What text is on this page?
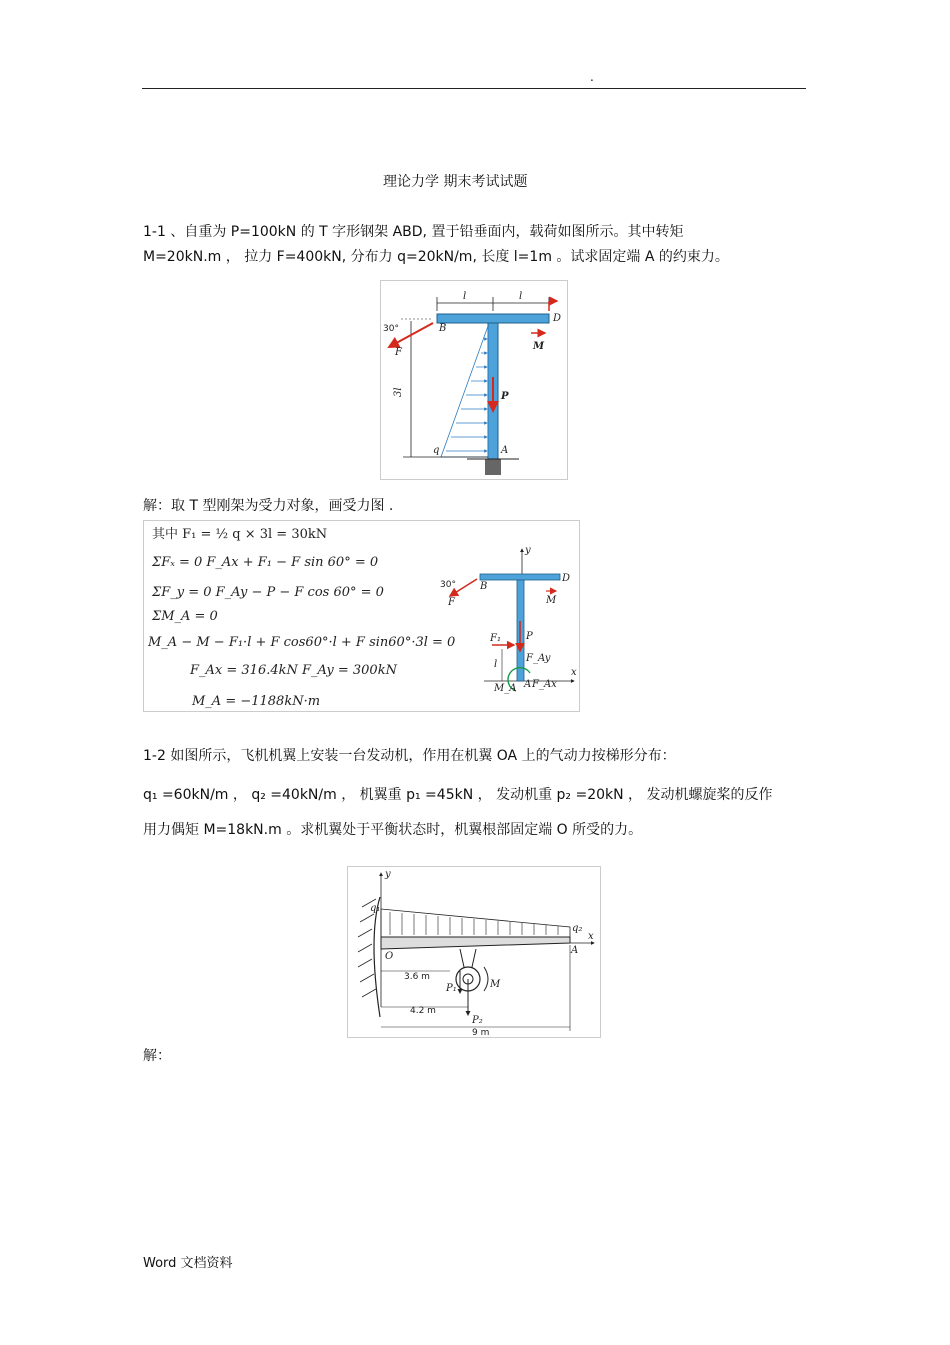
.
理论力学 期末考试试题
1-1 、自重为 P=100kN 的 T 字形钢架 ABD, 置于铅垂面内，载荷如图所示。其中转矩
M=20kN.m ， 拉力 F=400kN, 分布力 q=20kN/m, 长度 l=1m 。试求固定端 A 的约束力。
l	l
3l
30°	B
F
D
M
P
q	A
解：取 T 型刚架为受力对象，画受力图 .
其中 F₁ = ½ q × 3l = 30kN
ΣFₓ = 0 F_Ax + F₁ − F sin 60° = 0
ΣF_y = 0 F_Ay − P − F cos 60° = 0
ΣM_A = 0
M_A − M − F₁·l + F cos60°·l + F sin60°·3l = 0
F_Ax = 316.4kN F_Ay = 300kN
M_A = −1188kN·m
y
x
30° B
F
D
M
F₁	P
F_Ay
F_Ax
M_A A
l
1-2 如图所示，飞机机翼上安装一台发动机，作用在机翼 OA 上的气动力按梯形分布：
q₁ =60kN/m ， q₂ =40kN/m ， 机翼重 p₁ =45kN ， 发动机重 p₂ =20kN ， 发动机螺旋桨的反作
用力偶矩 M=18kN.m 。求机翼处于平衡状态时，机翼根部固定端 O 所受的力。
y
x
q₁
q₂
O
A
M
P₂
P₁
3.6 m
4.2 m
9 m
解：
Word 文档资料
